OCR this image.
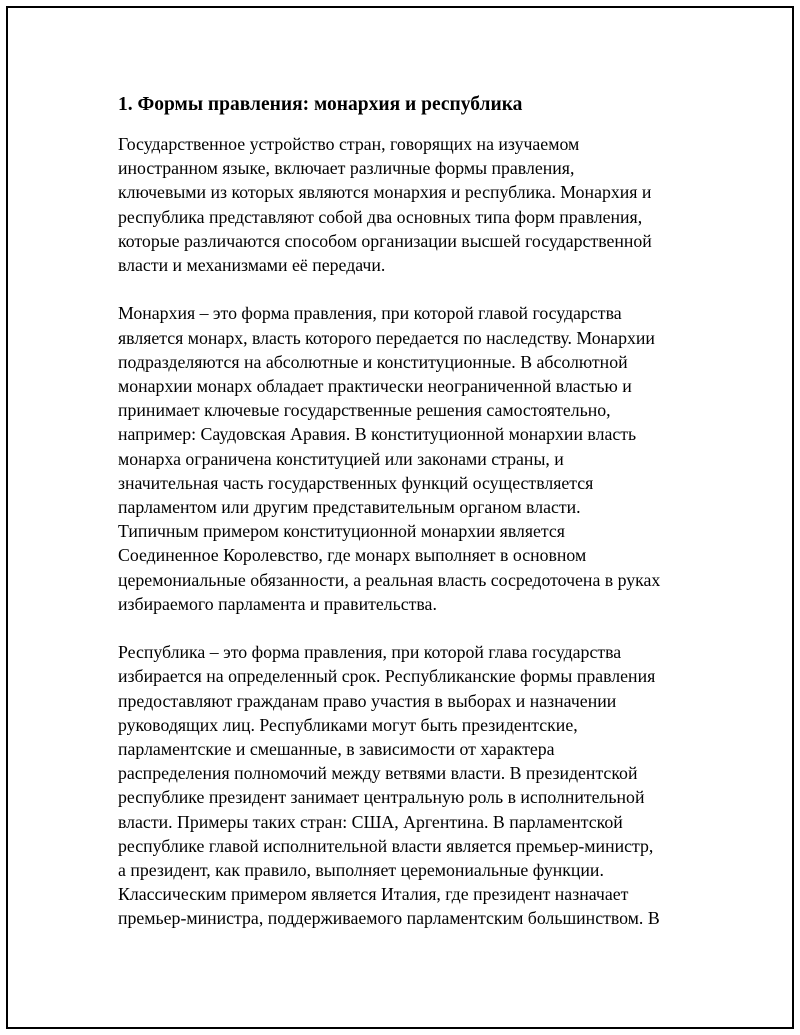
1. Формы правления: монархия и республика

Государственное устройство стран, говорящих на изучаемом
иностранном языке, включает различные формы правления,
ключевыми из которых являются монархия и республика. Монархия и
республика представляют собой два основных типа форм правления,
которые различаются способом организации высшей государственной
власти и механизмами её передачи.

Монархия – это форма правления, при которой главой государства
является монарх, власть которого передается по наследству. Монархии
подразделяются на абсолютные и конституционные. В абсолютной
монархии монарх обладает практически неограниченной властью и
принимает ключевые государственные решения самостоятельно,
например: Саудовская Аравия. В конституционной монархии власть
монарха ограничена конституцией или законами страны, и
значительная часть государственных функций осуществляется
парламентом или другим представительным органом власти.
Типичным примером конституционной монархии является
Соединенное Королевство, где монарх выполняет в основном
церемониальные обязанности, а реальная власть сосредоточена в руках
избираемого парламента и правительства.

Республика – это форма правления, при которой глава государства
избирается на определенный срок. Республиканские формы правления
предоставляют гражданам право участия в выборах и назначении
руководящих лиц. Республиками могут быть президентские,
парламентские и смешанные, в зависимости от характера
распределения полномочий между ветвями власти. В президентской
республике президент занимает центральную роль в исполнительной
власти. Примеры таких стран: США, Аргентина. В парламентской
республике главой исполнительной власти является премьер-министр,
а президент, как правило, выполняет церемониальные функции.
Классическим примером является Италия, где президент назначает
премьер-министра, поддерживаемого парламентским большинством. В
